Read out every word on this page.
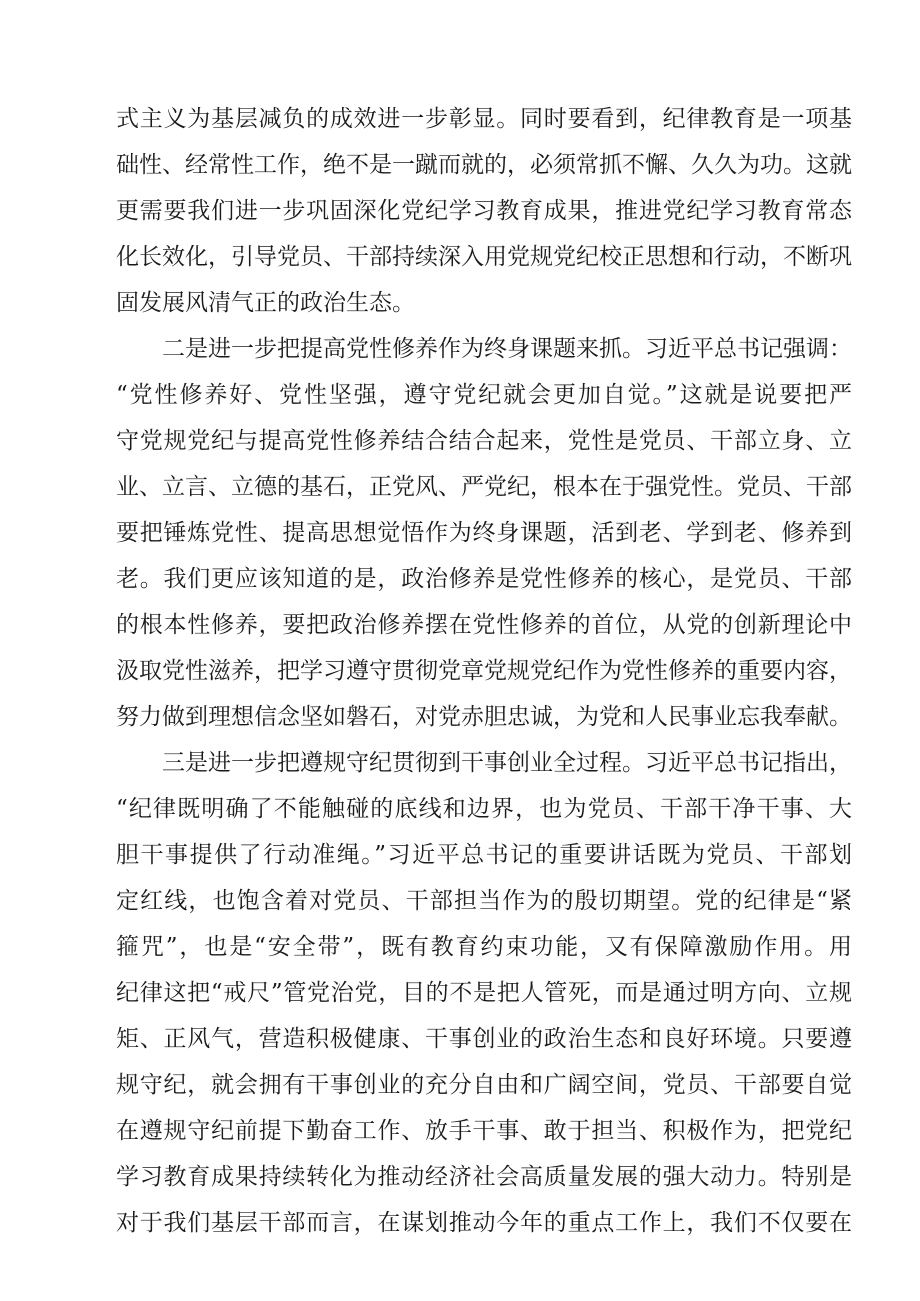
式主义为基层减负的成效进一步彰显。同时要看到，纪律教育是一项基
础性、经常性工作，绝不是一蹴而就的，必须常抓不懈、久久为功。这就
更需要我们进一步巩固深化党纪学习教育成果，推进党纪学习教育常态
化长效化，引导党员、干部持续深入用党规党纪校正思想和行动，不断巩
固发展风清气正的政治生态。
二是进一步把提高党性修养作为终身课题来抓。习近平总书记强调：
“党性修养好、党性坚强，遵守党纪就会更加自觉。”这就是说要把严
守党规党纪与提高党性修养结合结合起来，党性是党员、干部立身、立
业、立言、立德的基石，正党风、严党纪，根本在于强党性。党员、干部
要把锤炼党性、提高思想觉悟作为终身课题，活到老、学到老、修养到
老。我们更应该知道的是，政治修养是党性修养的核心，是党员、干部
的根本性修养，要把政治修养摆在党性修养的首位，从党的创新理论中
汲取党性滋养，把学习遵守贯彻党章党规党纪作为党性修养的重要内容，
努力做到理想信念坚如磐石，对党赤胆忠诚，为党和人民事业忘我奉献。
三是进一步把遵规守纪贯彻到干事创业全过程。习近平总书记指出，
“纪律既明确了不能触碰的底线和边界，也为党员、干部干净干事、大
胆干事提供了行动准绳。”习近平总书记的重要讲话既为党员、干部划
定红线，也饱含着对党员、干部担当作为的殷切期望。党的纪律是“紧
箍咒”，也是“安全带”，既有教育约束功能，又有保障激励作用。用
纪律这把“戒尺”管党治党，目的不是把人管死，而是通过明方向、立规
矩、正风气，营造积极健康、干事创业的政治生态和良好环境。只要遵
规守纪，就会拥有干事创业的充分自由和广阔空间，党员、干部要自觉
在遵规守纪前提下勤奋工作、放手干事、敢于担当、积极作为，把党纪
学习教育成果持续转化为推动经济社会高质量发展的强大动力。特别是
对于我们基层干部而言，在谋划推动今年的重点工作上，我们不仅要在
